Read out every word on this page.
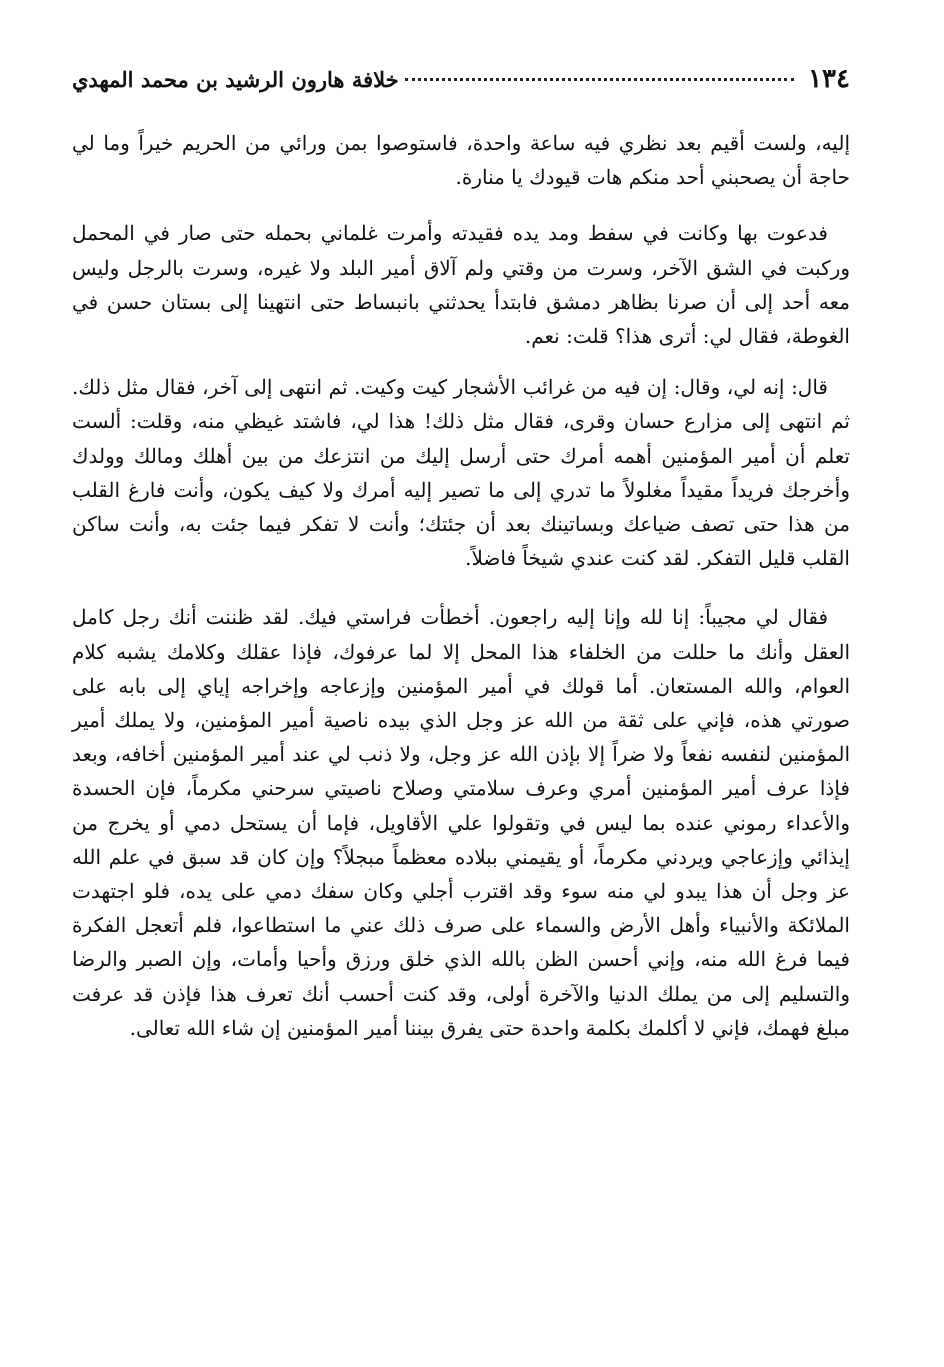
١٣٤
خلافة هارون الرشيد بن محمد المهدي

إليه، ولست أقيم بعد نظري فيه ساعة واحدة، فاستوصوا بمن ورائي من الحريم خيراً وما لي حاجة أن يصحبني أحد منكم هات قيودك يا منارة.

فدعوت بها وكانت في سفط ومد يده فقيدته وأمرت غلماني بحمله حتى صار في المحمل وركبت في الشق الآخر، وسرت من وقتي ولم آلاق أمير البلد ولا غيره، وسرت بالرجل وليس معه أحد إلى أن صرنا بظاهر دمشق فابتدأ يحدثني بانبساط حتى انتهينا إلى بستان حسن في الغوطة، فقال لي: أترى هذا؟ قلت: نعم.

قال: إنه لي، وقال: إن فيه من غرائب الأشجار كيت وكيت. ثم انتهى إلى آخر، فقال مثل ذلك. ثم انتهى إلى مزارع حسان وقرى، فقال مثل ذلك! هذا لي، فاشتد غيظي منه، وقلت: ألست تعلم أن أمير المؤمنين أهمه أمرك حتى أرسل إليك من انتزعك من بين أهلك ومالك وولدك وأخرجك فريداً مقيداً مغلولاً ما تدري إلى ما تصير إليه أمرك ولا كيف يكون، وأنت فارغ القلب من هذا حتى تصف ضياعك وبساتينك بعد أن جئتك؛ وأنت لا تفكر فيما جئت به، وأنت ساكن القلب قليل التفكر. لقد كنت عندي شيخاً فاضلاً.

فقال لي مجيباً: إنا لله وإنا إليه راجعون. أخطأت فراستي فيك. لقد ظننت أنك رجل كامل العقل وأنك ما حللت من الخلفاء هذا المحل إلا لما عرفوك، فإذا عقلك وكلامك يشبه كلام العوام، والله المستعان. أما قولك في أمير المؤمنين وإزعاجه وإخراجه إياي إلى بابه على صورتي هذه، فإني على ثقة من الله عز وجل الذي بيده ناصية أمير المؤمنين، ولا يملك أمير المؤمنين لنفسه نفعاً ولا ضراً إلا بإذن الله عز وجل، ولا ذنب لي عند أمير المؤمنين أخافه، وبعد فإذا عرف أمير المؤمنين أمري وعرف سلامتي وصلاح ناصيتي سرحني مكرماً، فإن الحسدة والأعداء رموني عنده بما ليس في وتقولوا علي الأقاويل، فإما أن يستحل دمي أو يخرج من إيذائي وإزعاجي ويردني مكرماً، أو يقيمني ببلاده معظماً مبجلاً؟ وإن كان قد سبق في علم الله عز وجل أن هذا يبدو لي منه سوء وقد اقترب أجلي وكان سفك دمي على يده، فلو اجتهدت الملائكة والأنبياء وأهل الأرض والسماء على صرف ذلك عني ما استطاعوا، فلم أتعجل الفكرة فيما فرغ الله منه، وإني أحسن الظن بالله الذي خلق ورزق وأحيا وأمات، وإن الصبر والرضا والتسليم إلى من يملك الدنيا والآخرة أولى، وقد كنت أحسب أنك تعرف هذا فإذن قد عرفت مبلغ فهمك، فإني لا أكلمك بكلمة واحدة حتى يفرق بيننا أمير المؤمنين إن شاء الله تعالى.
